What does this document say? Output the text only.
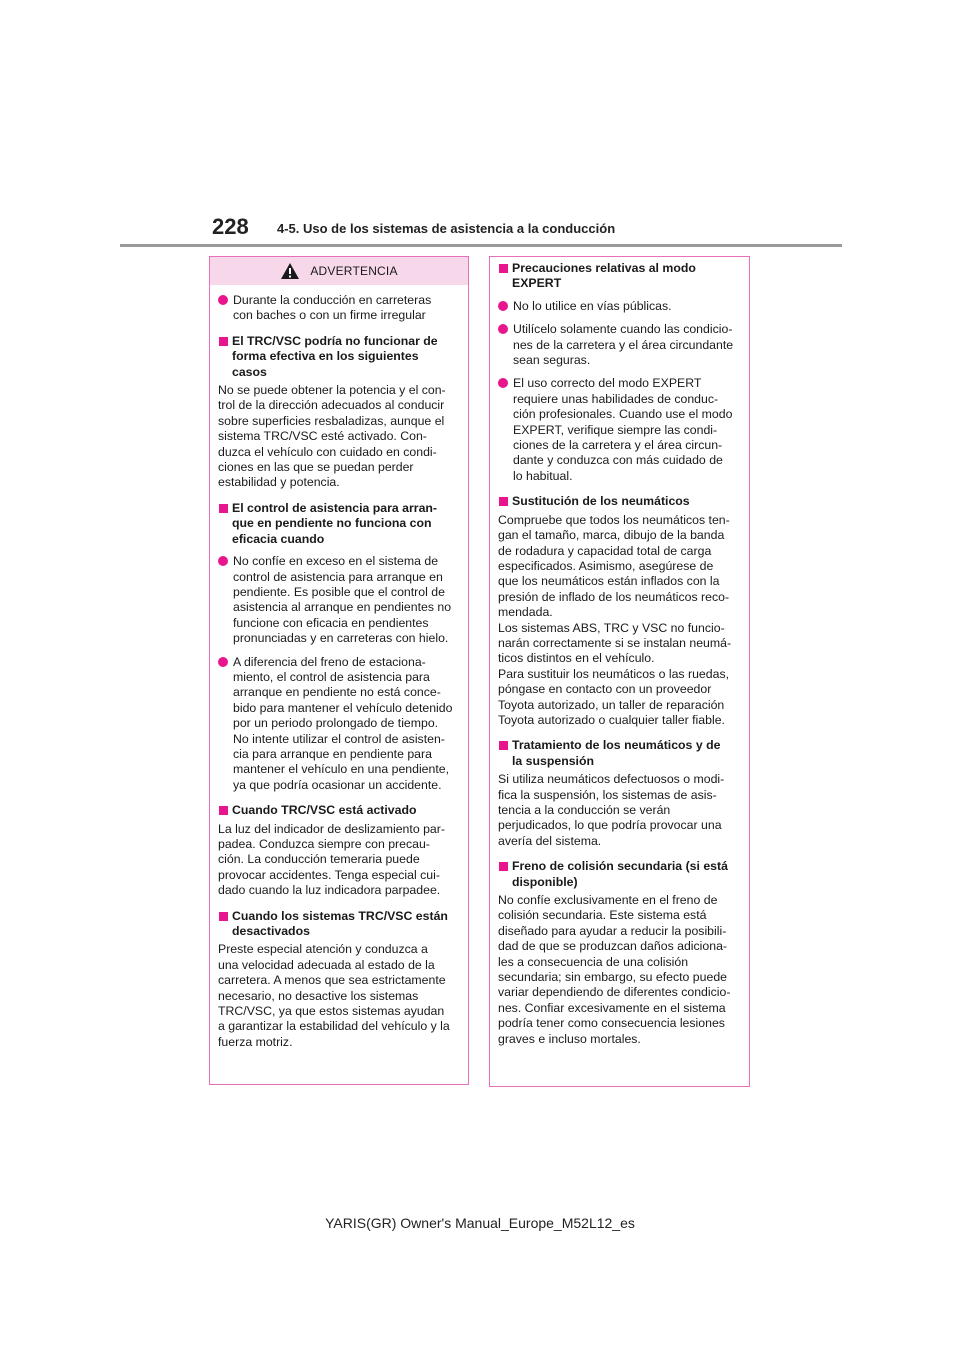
228 4-5. Uso de los sistemas de asistencia a la conducción
ADVERTENCIA
Durante la conducción en carreteras
con baches o con un firme irregular
El TRC/VSC podría no funcionar de
forma efectiva en los siguientes
casos
No se puede obtener la potencia y el con-
trol de la dirección adecuados al conducir
sobre superficies resbaladizas, aunque el
sistema TRC/VSC esté activado. Con-
duzca el vehículo con cuidado en condi-
ciones en las que se puedan perder
estabilidad y potencia.
El control de asistencia para arran-
que en pendiente no funciona con
eficacia cuando
No confíe en exceso en el sistema de
control de asistencia para arranque en
pendiente. Es posible que el control de
asistencia al arranque en pendientes no
funcione con eficacia en pendientes
pronunciadas y en carreteras con hielo.
A diferencia del freno de estaciona-
miento, el control de asistencia para
arranque en pendiente no está conce-
bido para mantener el vehículo detenido
por un periodo prolongado de tiempo.
No intente utilizar el control de asisten-
cia para arranque en pendiente para
mantener el vehículo en una pendiente,
ya que podría ocasionar un accidente.
Cuando TRC/VSC está activado
La luz del indicador de deslizamiento par-
padea. Conduzca siempre con precau-
ción. La conducción temeraria puede
provocar accidentes. Tenga especial cui-
dado cuando la luz indicadora parpadee.
Cuando los sistemas TRC/VSC están
desactivados
Preste especial atención y conduzca a
una velocidad adecuada al estado de la
carretera. A menos que sea estrictamente
necesario, no desactive los sistemas
TRC/VSC, ya que estos sistemas ayudan
a garantizar la estabilidad del vehículo y la
fuerza motriz.
Precauciones relativas al modo
EXPERT
No lo utilice en vías públicas.
Utilícelo solamente cuando las condicio-
nes de la carretera y el área circundante
sean seguras.
El uso correcto del modo EXPERT
requiere unas habilidades de conduc-
ción profesionales. Cuando use el modo
EXPERT, verifique siempre las condi-
ciones de la carretera y el área circun-
dante y conduzca con más cuidado de
lo habitual.
Sustitución de los neumáticos
Compruebe que todos los neumáticos ten-
gan el tamaño, marca, dibujo de la banda
de rodadura y capacidad total de carga
especificados. Asimismo, asegúrese de
que los neumáticos están inflados con la
presión de inflado de los neumáticos reco-
mendada.
Los sistemas ABS, TRC y VSC no funcio-
narán correctamente si se instalan neumá-
ticos distintos en el vehículo.
Para sustituir los neumáticos o las ruedas,
póngase en contacto con un proveedor
Toyota autorizado, un taller de reparación
Toyota autorizado o cualquier taller fiable.
Tratamiento de los neumáticos y de
la suspensión
Si utiliza neumáticos defectuosos o modi-
fica la suspensión, los sistemas de asis-
tencia a la conducción se verán
perjudicados, lo que podría provocar una
avería del sistema.
Freno de colisión secundaria (si está
disponible)
No confíe exclusivamente en el freno de
colisión secundaria. Este sistema está
diseñado para ayudar a reducir la posibili-
dad de que se produzcan daños adiciona-
les a consecuencia de una colisión
secundaria; sin embargo, su efecto puede
variar dependiendo de diferentes condicio-
nes. Confiar excesivamente en el sistema
podría tener como consecuencia lesiones
graves e incluso mortales.
YARIS(GR) Owner's Manual_Europe_M52L12_es
